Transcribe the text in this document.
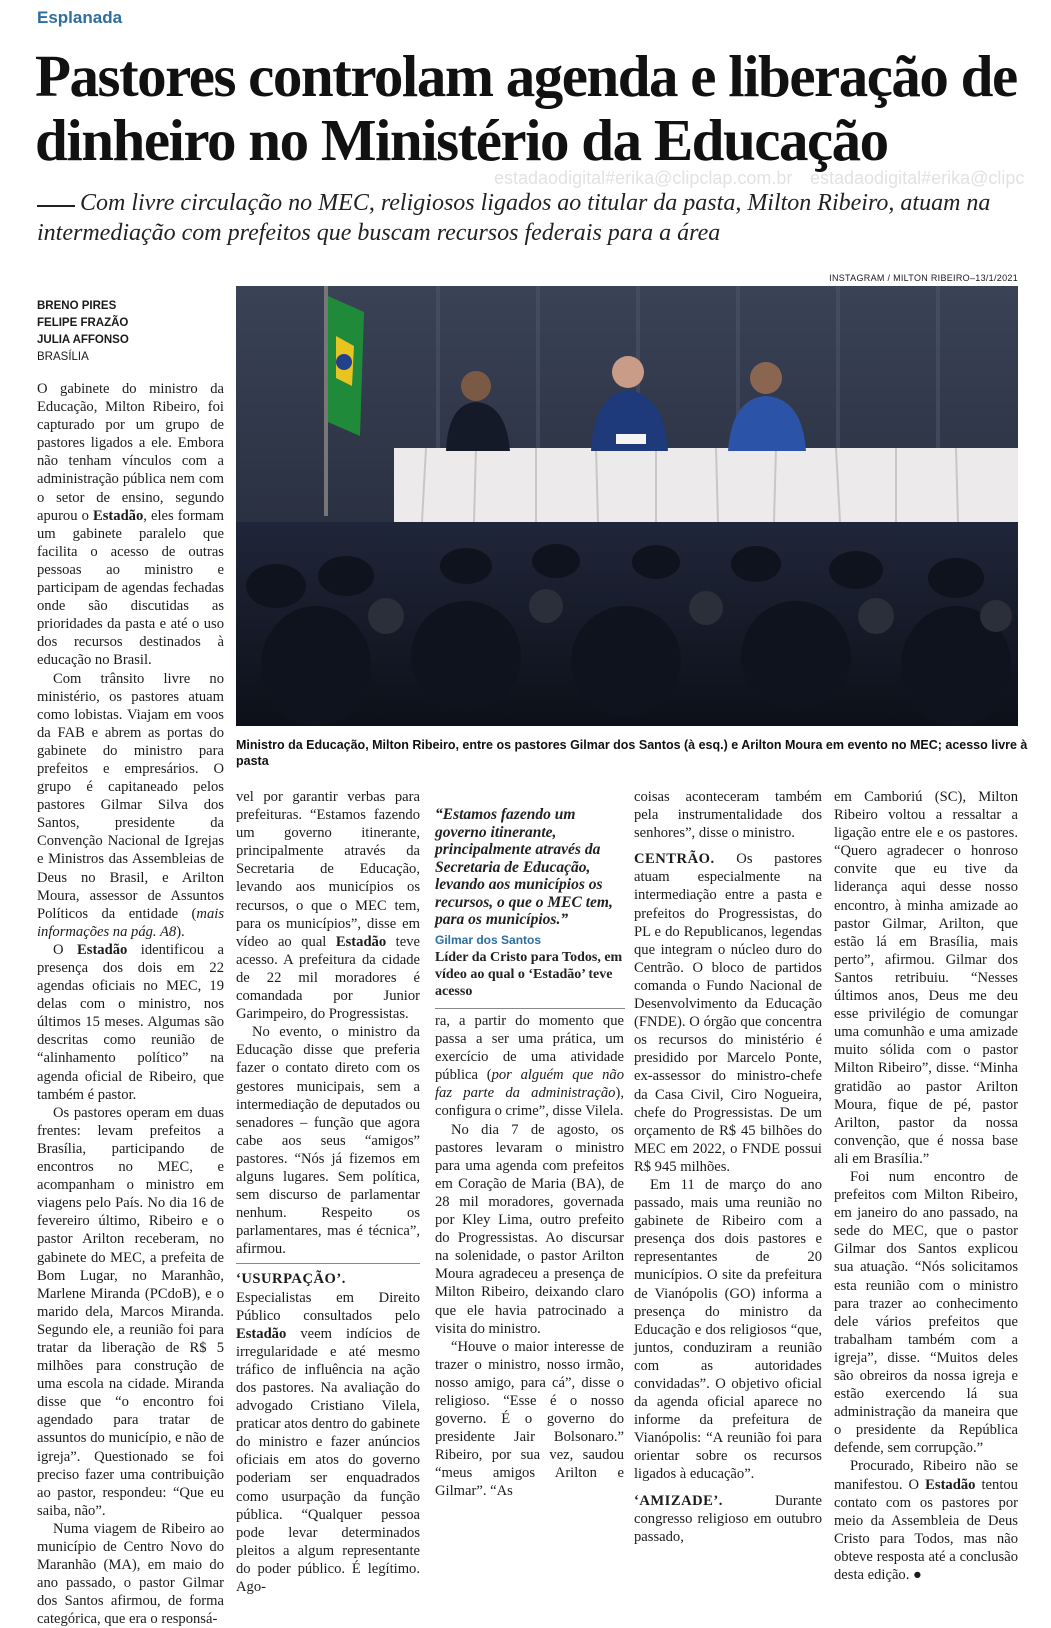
Esplanada
Pastores controlam agenda e liberação de dinheiro no Ministério da Educação
estadaodigital#erika@clipclap.com.br estadaodigital#erika@clipc

Com livre circulação no MEC, religiosos ligados ao titular da pasta, Milton Ribeiro, atuam na intermediação com prefeitos que buscam recursos federais para a área

BRENO PIRES
FELIPE FRAZÃO
JULIA AFFONSO
BRASÍLIA
INSTAGRAM / MILTON RIBEIRO–13/1/2021
Ministro da Educação, Milton Ribeiro, entre os pastores Gilmar dos Santos (à esq.) e Arilton Moura em evento no MEC; acesso livre à pasta

O gabinete do ministro da Educação, Milton Ribeiro, foi capturado por um grupo de pastores ligados a ele. Embora não tenham vínculos com a administração pública nem com o setor de ensino, segundo apurou o Estadão, eles formam um gabinete paralelo que facilita o acesso de outras pessoas ao ministro e participam de agendas fechadas onde são discutidas as prioridades da pasta e até o uso dos recursos destinados à educação no Brasil.

Com trânsito livre no ministério, os pastores atuam como lobistas. Viajam em voos da FAB e abrem as portas do gabinete do ministro para prefeitos e empresários. O grupo é capitaneado pelos pastores Gilmar Silva dos Santos, presidente da Convenção Nacional de Igrejas e Ministros das Assembleias de Deus no Brasil, e Arilton Moura, assessor de Assuntos Políticos da entidade (mais informações na pág. A8).

O Estadão identificou a presença dos dois em 22 agendas oficiais no MEC, 19 delas com o ministro, nos últimos 15 meses. Algumas são descritas como reunião de “alinhamento político” na agenda oficial de Ribeiro, que também é pastor.

Os pastores operam em duas frentes: levam prefeitos a Brasília, participando de encontros no MEC, e acompanham o ministro em viagens pelo País. No dia 16 de fevereiro último, Ribeiro e o pastor Arilton receberam, no gabinete do MEC, a prefeita de Bom Lugar, no Maranhão, Marlene Miranda (PCdoB), e o marido dela, Marcos Miranda. Segundo ele, a reunião foi para tratar da liberação de R$ 5 milhões para construção de uma escola na cidade. Miranda disse que “o encontro foi agendado para tratar de assuntos do município, e não de igreja”. Questionado se foi preciso fazer uma contribuição ao pastor, respondeu: “Que eu saiba, não”.

Numa viagem de Ribeiro ao município de Centro Novo do Maranhão (MA), em maio do ano passado, o pastor Gilmar dos Santos afirmou, de forma categórica, que era o responsá-

vel por garantir verbas para prefeituras. “Estamos fazendo um governo itinerante, principalmente através da Secretaria de Educação, levando aos municípios os recursos, o que o MEC tem, para os municípios”, disse em vídeo ao qual Estadão teve acesso. A prefeitura da cidade de 22 mil moradores é comandada por Junior Garimpeiro, do Progressistas.

No evento, o ministro da Educação disse que preferia fazer o contato direto com os gestores municipais, sem a intermediação de deputados ou senadores – função que agora cabe aos seus “amigos” pastores. “Nós já fizemos em alguns lugares. Sem política, sem discurso de parlamentar nenhum. Respeito os parlamentares, mas é técnica”, afirmou.

‘USURPAÇÃO’. Especialistas em Direito Público consultados pelo Estadão veem indícios de irregularidade e até mesmo tráfico de influência na ação dos pastores. Na avaliação do advogado Cristiano Vilela, praticar atos dentro do gabinete do ministro e fazer anúncios oficiais em atos do governo poderiam ser enquadrados como usurpação da função pública. “Qualquer pessoa pode levar determinados pleitos a algum representante do poder público. É legítimo. Ago-

“Estamos fazendo um governo itinerante, principalmente através da Secretaria de Educação, levando aos municípios os recursos, o que o MEC tem, para os municípios.”
Gilmar dos Santos
Líder da Cristo para Todos, em vídeo ao qual o ‘Estadão’ teve acesso

ra, a partir do momento que passa a ser uma prática, um exercício de uma atividade pública (por alguém que não faz parte da administração), configura o crime”, disse Vilela.

No dia 7 de agosto, os pastores levaram o ministro para uma agenda com prefeitos em Coração de Maria (BA), de 28 mil moradores, governada por Kley Lima, outro prefeito do Progressistas. Ao discursar na solenidade, o pastor Arilton Moura agradeceu a presença de Milton Ribeiro, deixando claro que ele havia patrocinado a visita do ministro.

“Houve o maior interesse de trazer o ministro, nosso irmão, nosso amigo, para cá”, disse o religioso. “Esse é o nosso governo. É o governo do presidente Jair Bolsonaro.” Ribeiro, por sua vez, saudou “meus amigos Arilton e Gilmar”. “As

coisas aconteceram também pela instrumentalidade dos senhores”, disse o ministro.

CENTRÃO. Os pastores atuam especialmente na intermediação entre a pasta e prefeitos do Progressistas, do PL e do Republicanos, legendas que integram o núcleo duro do Centrão. O bloco de partidos comanda o Fundo Nacional de Desenvolvimento da Educação (FNDE). O órgão que concentra os recursos do ministério é presidido por Marcelo Ponte, ex-assessor do ministro-chefe da Casa Civil, Ciro Nogueira, chefe do Progressistas. De um orçamento de R$ 45 bilhões do MEC em 2022, o FNDE possui R$ 945 milhões.

Em 11 de março do ano passado, mais uma reunião no gabinete de Ribeiro com a presença dos dois pastores e representantes de 20 municípios. O site da prefeitura de Vianópolis (GO) informa a presença do ministro da Educação e dos religiosos “que, juntos, conduziram a reunião com as autoridades convidadas”. O objetivo oficial da agenda oficial aparece no informe da prefeitura de Vianópolis: “A reunião foi para orientar sobre os recursos ligados à educação”.

‘AMIZADE’. Durante congresso religioso em outubro passado,

em Camboriú (SC), Milton Ribeiro voltou a ressaltar a ligação entre ele e os pastores. “Quero agradecer o honroso convite que eu tive da liderança aqui desse nosso encontro, à minha amizade ao pastor Gilmar, Arilton, que estão lá em Brasília, mais perto”, afirmou. Gilmar dos Santos retribuiu. “Nesses últimos anos, Deus me deu esse privilégio de comungar uma comunhão e uma amizade muito sólida com o pastor Milton Ribeiro”, disse. “Minha gratidão ao pastor Arilton Moura, fique de pé, pastor Arilton, pastor da nossa convenção, que é nossa base ali em Brasília.”

Foi num encontro de prefeitos com Milton Ribeiro, em janeiro do ano passado, na sede do MEC, que o pastor Gilmar dos Santos explicou sua atuação. “Nós solicitamos esta reunião com o ministro para trazer ao conhecimento dele vários prefeitos que trabalham também com a igreja”, disse. “Muitos deles são obreiros da nossa igreja e estão exercendo lá sua administração da maneira que o presidente da República defende, sem corrupção.”

Procurado, Ribeiro não se manifestou. O Estadão tentou contato com os pastores por meio da Assembleia de Deus Cristo para Todos, mas não obteve resposta até a conclusão desta edição. ●
